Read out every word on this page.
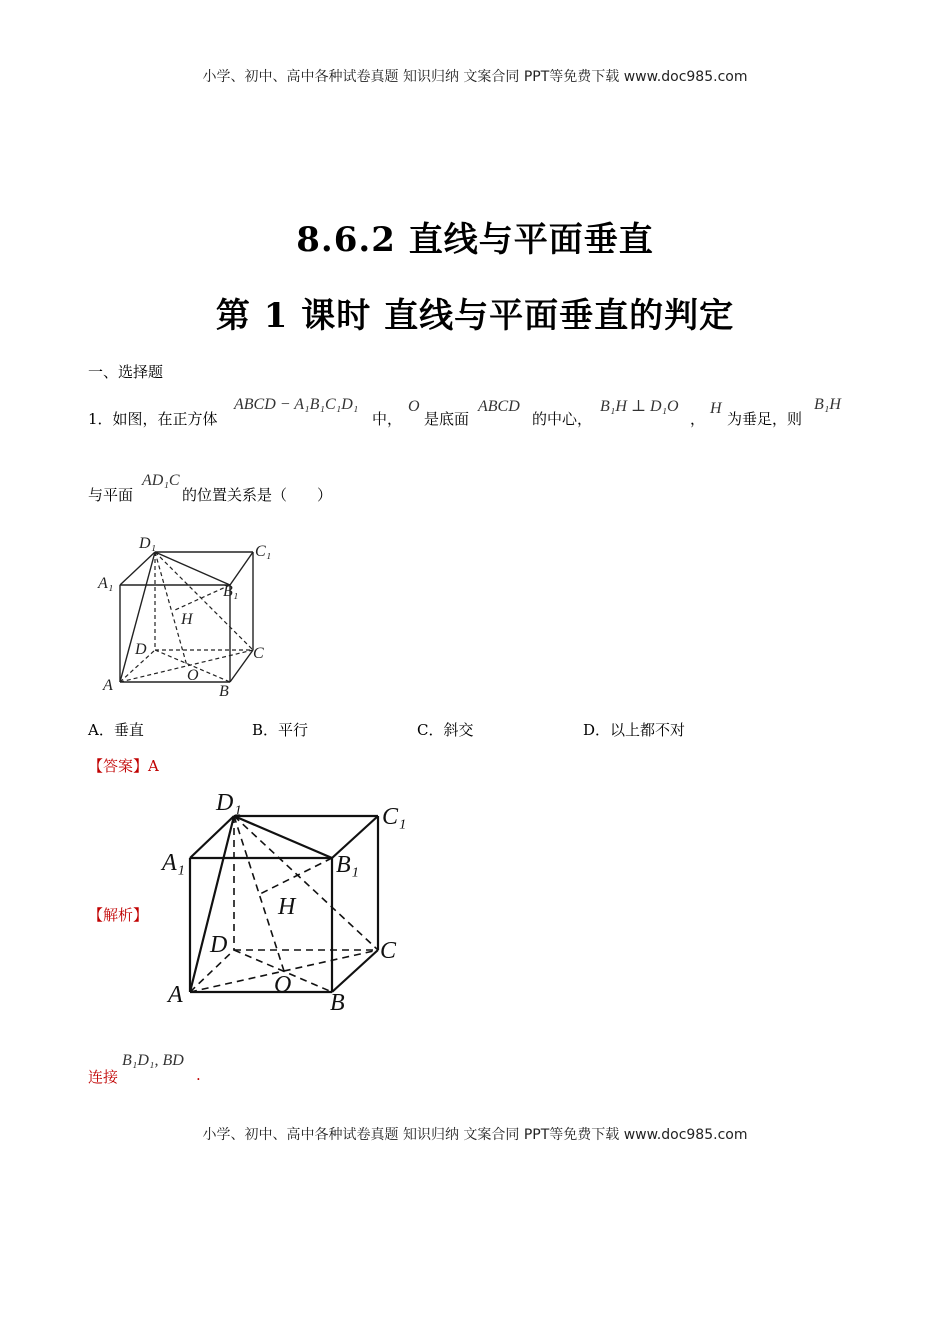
小学、初中、高中各种试卷真题 知识归纳 文案合同 PPT等免费下载 www.doc985.com
8.6.2 直线与平面垂直
第 1 课时 直线与平面垂直的判定
一、选择题
1．如图，在正方体
ABCD − A₁B₁C₁D₁
中，
O
是底面
ABCD
的中心，
B₁H ⊥ D₁O
，
H
为垂足，则
B₁H
与平面
AD₁C
的位置关系是（　　）
D₁	C₁
A₁	B₁
H
D	C
A
O
B
A．垂直	B．平行	C．斜交	D．以上都不对
【答案】A
【解析】
D₁
C₁
A₁	B₁
H
D	C
A	O
B
连接
B₁D₁, BD
.
小学、初中、高中各种试卷真题 知识归纳 文案合同 PPT等免费下载 www.doc985.com
